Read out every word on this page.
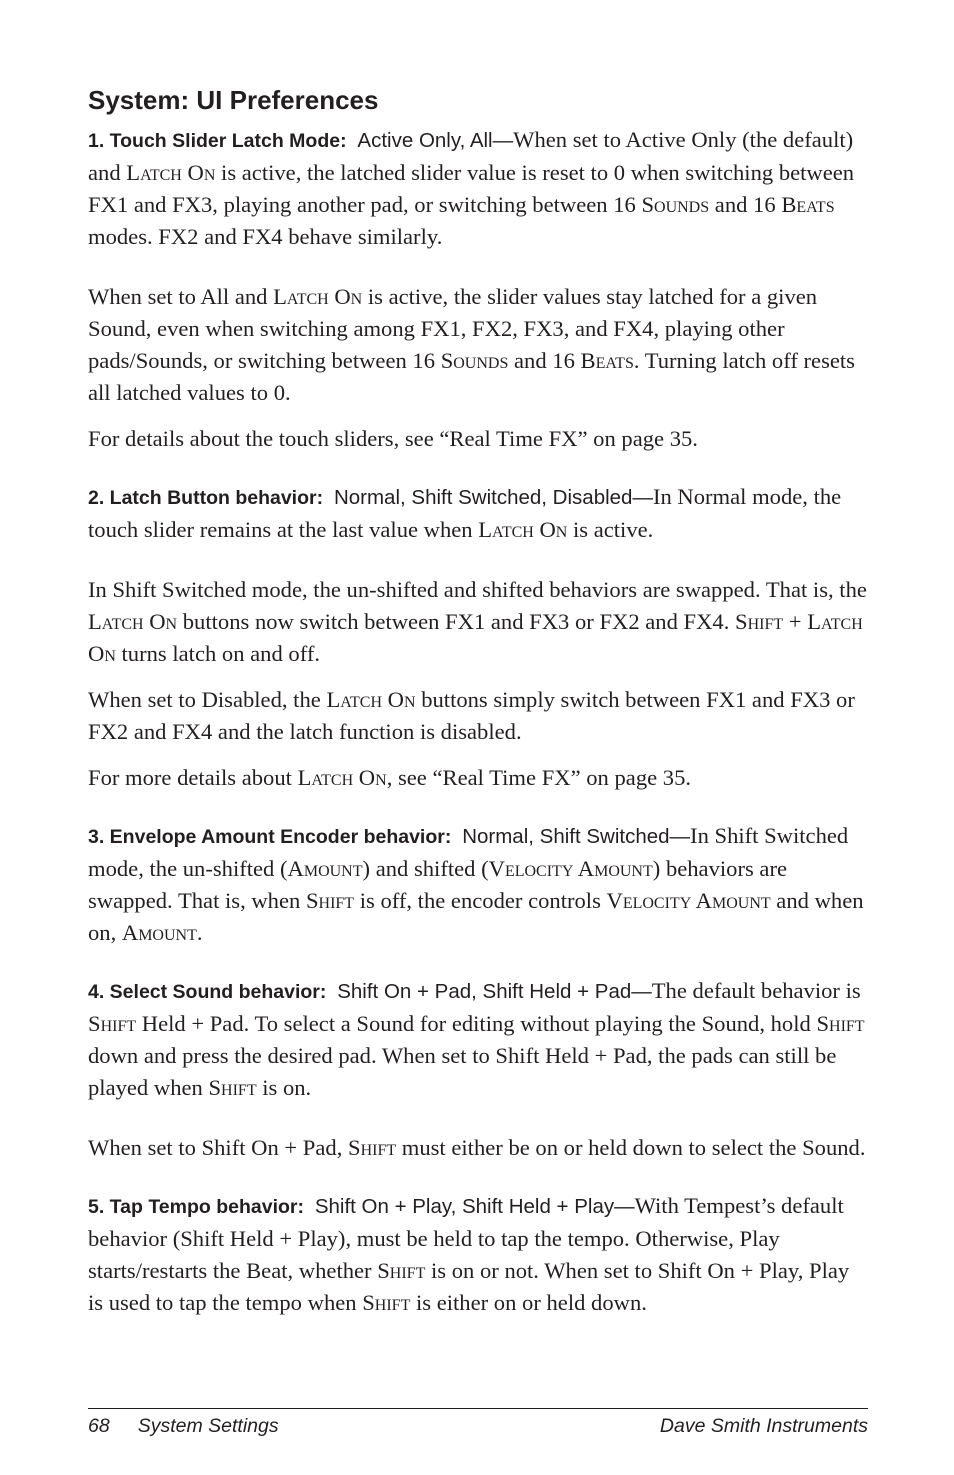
System: UI Preferences

1. Touch Slider Latch Mode:  Active Only, All—When set to Active Only (the default) and Latch On is active, the latched slider value is reset to 0 when switching between FX1 and FX3, playing another pad, or switching between 16 Sounds and 16 Beats modes. FX2 and FX4 behave similarly.

When set to All and Latch On is active, the slider values stay latched for a given Sound, even when switching among FX1, FX2, FX3, and FX4, playing other pads/Sounds, or switching between 16 Sounds and 16 Beats. Turning latch off resets all latched values to 0.

For details about the touch sliders, see “Real Time FX” on page 35.

2. Latch Button behavior:  Normal, Shift Switched, Disabled—In Normal mode, the touch slider remains at the last value when Latch On is active.

In Shift Switched mode, the un-shifted and shifted behaviors are swapped. That is, the Latch On buttons now switch between FX1 and FX3 or FX2 and FX4. Shift + Latch On turns latch on and off.

When set to Disabled, the Latch On buttons simply switch between FX1 and FX3 or FX2 and FX4 and the latch function is disabled.

For more details about Latch On, see “Real Time FX” on page 35.

3. Envelope Amount Encoder behavior:  Normal, Shift Switched—In Shift Switched mode, the un-shifted (Amount) and shifted (Velocity Amount) behaviors are swapped. That is, when Shift is off, the encoder controls Velocity Amount and when on, Amount.

4. Select Sound behavior:  Shift On + Pad, Shift Held + Pad—The default behavior is Shift Held + Pad. To select a Sound for editing without playing the Sound, hold Shift down and press the desired pad. When set to Shift Held + Pad, the pads can still be played when Shift is on.

When set to Shift On + Pad, Shift must either be on or held down to select the Sound.

5. Tap Tempo behavior:  Shift On + Play, Shift Held + Play—With Tempest’s default behavior (Shift Held + Play), must be held to tap the tempo. Otherwise, Play starts/restarts the Beat, whether Shift is on or not. When set to Shift On + Play, Play is used to tap the tempo when Shift is either on or held down.

68 System Settings	Dave Smith Instruments
